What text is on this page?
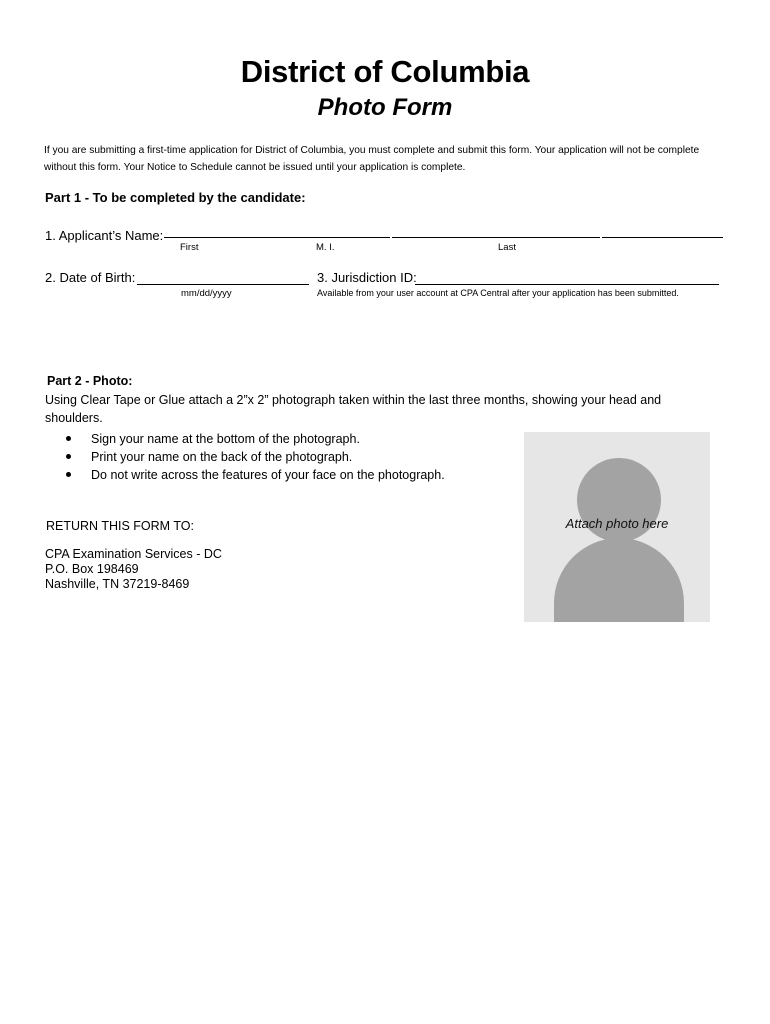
District of Columbia
Photo Form
If you are submitting a first-time application for District of Columbia, you must complete and submit this form. Your application will not be complete without this form. Your Notice to Schedule cannot be issued until your application is complete.
Part 1 - To be completed by the candidate:
1. Applicant’s Name:
First	M. I.	Last
2. Date of Birth:
mm/dd/yyyy
3. Jurisdiction ID:
Available from your user account at CPA Central after your application has been submitted.
Part 2 - Photo:
Using Clear Tape or Glue attach a 2”x 2” photograph taken within the last three months, showing your head and shoulders.
Sign your name at the bottom of the photograph.
Print your name on the back of the photograph.
Do not write across the features of your face on the photograph.
Attach photo here
RETURN THIS FORM TO:
CPA Examination Services - DC
P.O. Box 198469
Nashville, TN 37219-8469
